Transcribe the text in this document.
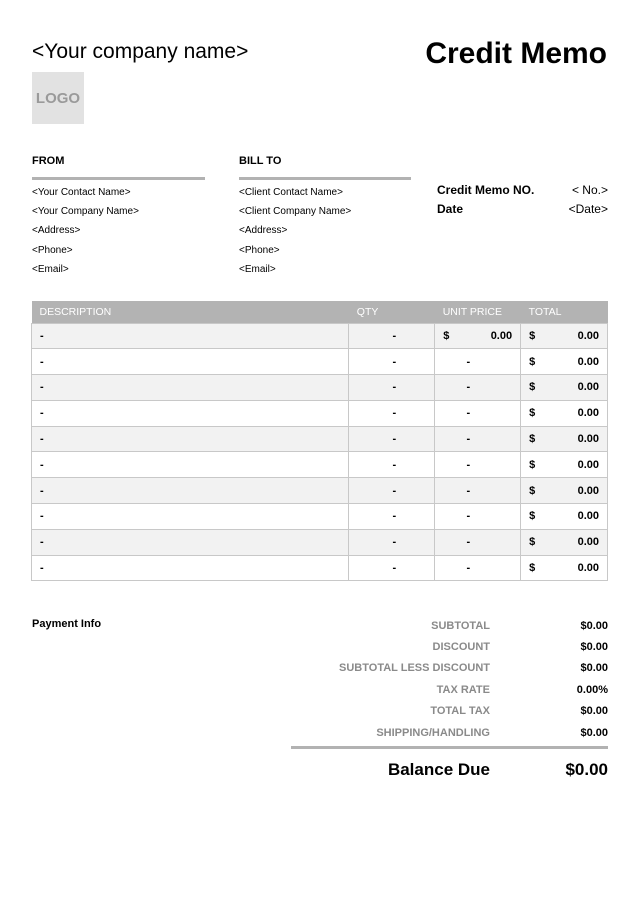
<Your company name>	Credit Memo
LOGO
FROM
<Your Contact Name>
<Your Company Name>
<Address>
<Phone>
<Email>
BILL TO
<Client Contact Name>
<Client Company Name>
<Address>
<Phone>
<Email>
Credit Memo NO.	< No.>
Date	<Date>
DESCRIPTION	QTY	UNIT PRICE	TOTAL
-	-	$ 0.00	$ 0.00

-	-	-	$ 0.00

-	-	-	$ 0.00

-	-	-	$ 0.00

-	-	-	$ 0.00

-	-	-	$ 0.00

-	-	-	$ 0.00

-	-	-	$ 0.00

-	-	-	$ 0.00

-	-	-	$ 0.00
Payment Info	SUBTOTAL	$0.00
DISCOUNT	$0.00
SUBTOTAL LESS DISCOUNT	$0.00
TAX RATE	0.00%
TOTAL TAX	$0.00
SHIPPING/HANDLING	$0.00
Balance Due	$0.00
